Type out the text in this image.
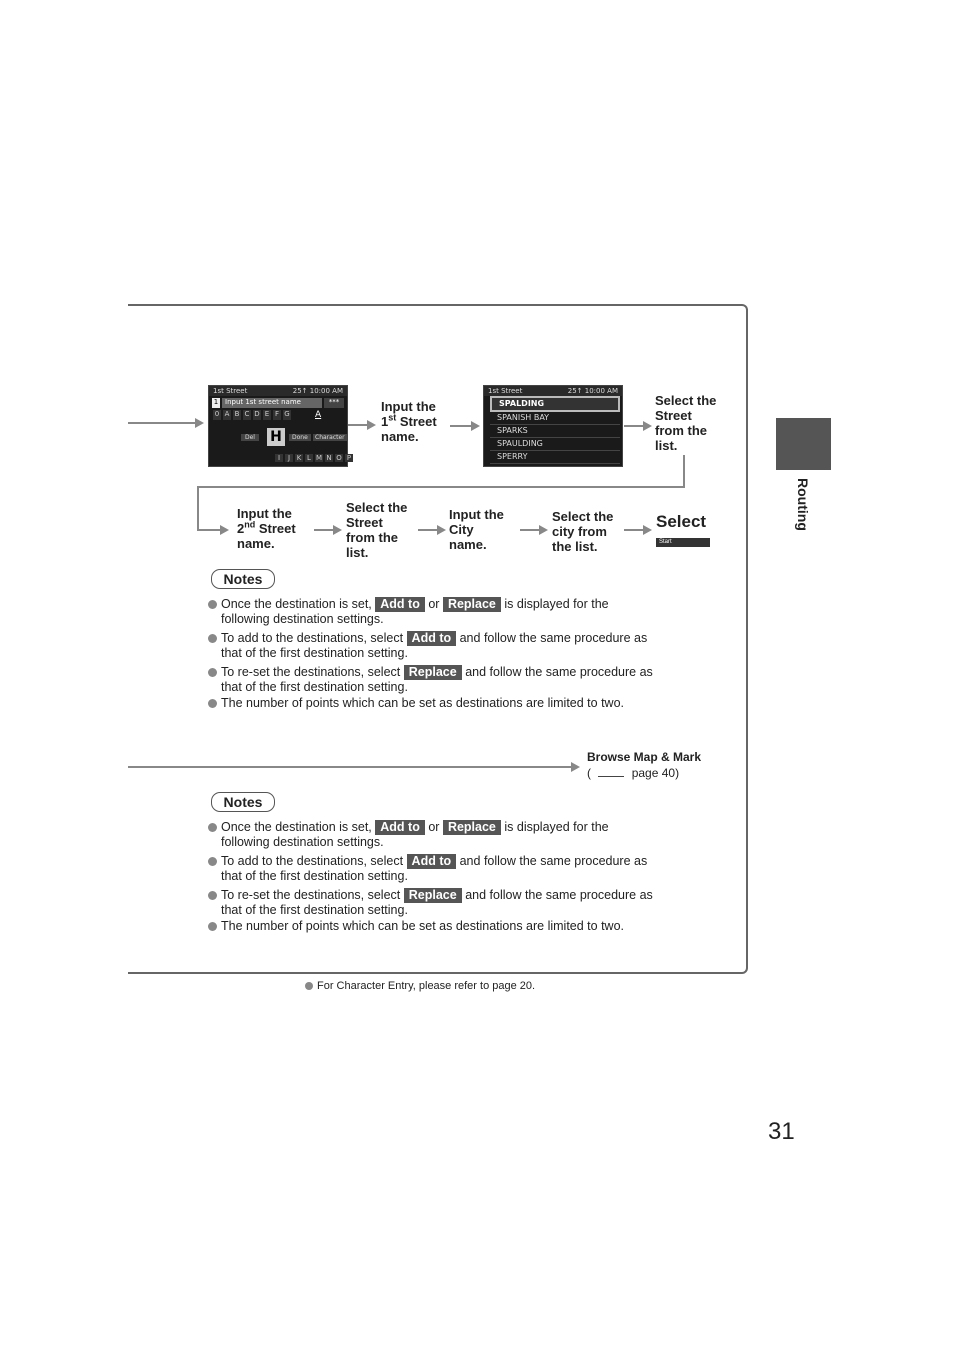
Routing
1st Street	25↑ 10:00 AM
1 Input 1st street name	***
0 A B C D E F G	A
H
Del	Done	Character
I	J K L M N O P
Input the
1st Street
name.
1st Street	25↑ 10:00 AM
SPALDING
SPANISH BAY
SPARKS
SPAULDING
SPERRY
Select the
Street
from the
list.
Input the
2nd Street
name.
Select the
Street
from the
list.
Input the
City
name.
Select the
city from
the list.
Select
Start
Notes
Once the destination is set, Add to or Replace is displayed for the following destination settings.
To add to the destinations, select Add to and follow the same procedure as that of the first destination setting.
To re-set the destinations, select Replace and follow the same procedure as that of the first destination setting.
The number of points which can be set as destinations are limited to two.
Browse Map & Mark
(	page 40)
Notes
Once the destination is set, Add to or Replace is displayed for the following destination settings.
To add to the destinations, select Add to and follow the same procedure as that of the first destination setting.
To re-set the destinations, select Replace and follow the same procedure as that of the first destination setting.
The number of points which can be set as destinations are limited to two.
For Character Entry, please refer to page 20.
31
